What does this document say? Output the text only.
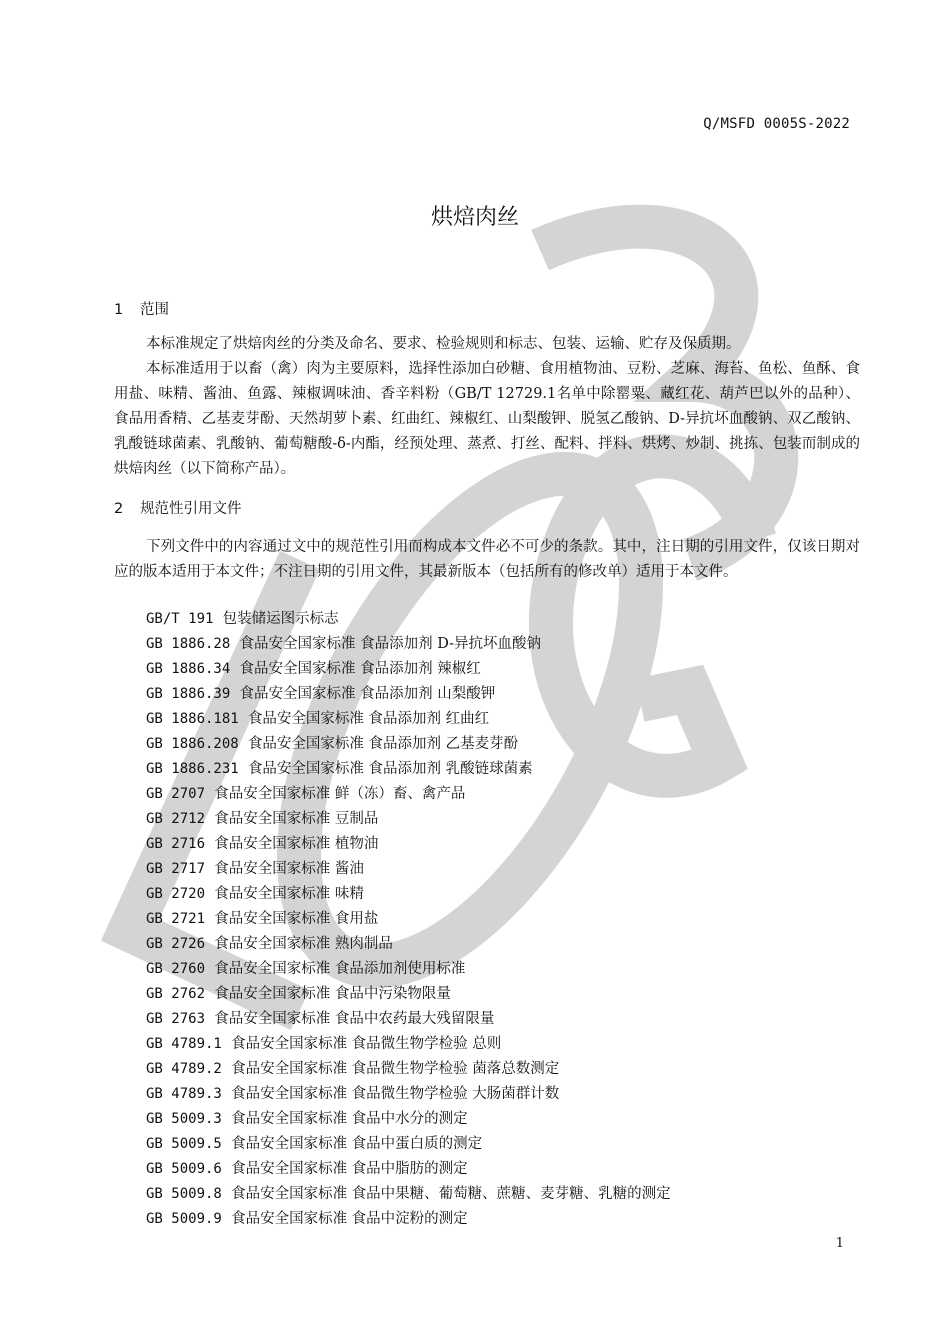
Q/MSFD 0005S-2022
烘焙肉丝
1 范围

本标准规定了烘焙肉丝的分类及命名、要求、检验规则和标志、包装、运输、贮存及保质期。

本标准适用于以畜（禽）肉为主要原料，选择性添加白砂糖、食用植物油、豆粉、芝麻、海苔、鱼松、鱼酥、食用盐、味精、酱油、鱼露、辣椒调味油、香辛料粉（GB/T 12729.1名单中除罂粟、藏红花、葫芦巴以外的品种）、食品用香精、乙基麦芽酚、天然胡萝卜素、红曲红、辣椒红、山梨酸钾、脱氢乙酸钠、D-异抗坏血酸钠、双乙酸钠、乳酸链球菌素、乳酸钠、葡萄糖酸-δ-内酯，经预处理、蒸煮、打丝、配料、拌料、烘烤、炒制、挑拣、包装而制成的烘焙肉丝（以下简称产品）。

2 规范性引用文件

下列文件中的内容通过文中的规范性引用而构成本文件必不可少的条款。其中，注日期的引用文件，仅该日期对应的版本适用于本文件；不注日期的引用文件，其最新版本（包括所有的修改单）适用于本文件。

GB/T 191 包装储运图示标志
GB 1886.28 食品安全国家标准 食品添加剂 D-异抗坏血酸钠
GB 1886.34 食品安全国家标准 食品添加剂 辣椒红
GB 1886.39 食品安全国家标准 食品添加剂 山梨酸钾
GB 1886.181 食品安全国家标准 食品添加剂 红曲红
GB 1886.208 食品安全国家标准 食品添加剂 乙基麦芽酚
GB 1886.231 食品安全国家标准 食品添加剂 乳酸链球菌素
GB 2707 食品安全国家标准 鲜（冻）畜、禽产品
GB 2712 食品安全国家标准 豆制品
GB 2716 食品安全国家标准 植物油
GB 2717 食品安全国家标准 酱油
GB 2720 食品安全国家标准 味精
GB 2721 食品安全国家标准 食用盐
GB 2726 食品安全国家标准 熟肉制品
GB 2760 食品安全国家标准 食品添加剂使用标准
GB 2762 食品安全国家标准 食品中污染物限量
GB 2763 食品安全国家标准 食品中农药最大残留限量
GB 4789.1 食品安全国家标准 食品微生物学检验 总则
GB 4789.2 食品安全国家标准 食品微生物学检验 菌落总数测定
GB 4789.3 食品安全国家标准 食品微生物学检验 大肠菌群计数
GB 5009.3 食品安全国家标准 食品中水分的测定
GB 5009.5 食品安全国家标准 食品中蛋白质的测定
GB 5009.6 食品安全国家标准 食品中脂肪的测定
GB 5009.8 食品安全国家标准 食品中果糖、葡萄糖、蔗糖、麦芽糖、乳糖的测定
GB 5009.9 食品安全国家标准 食品中淀粉的测定
1
